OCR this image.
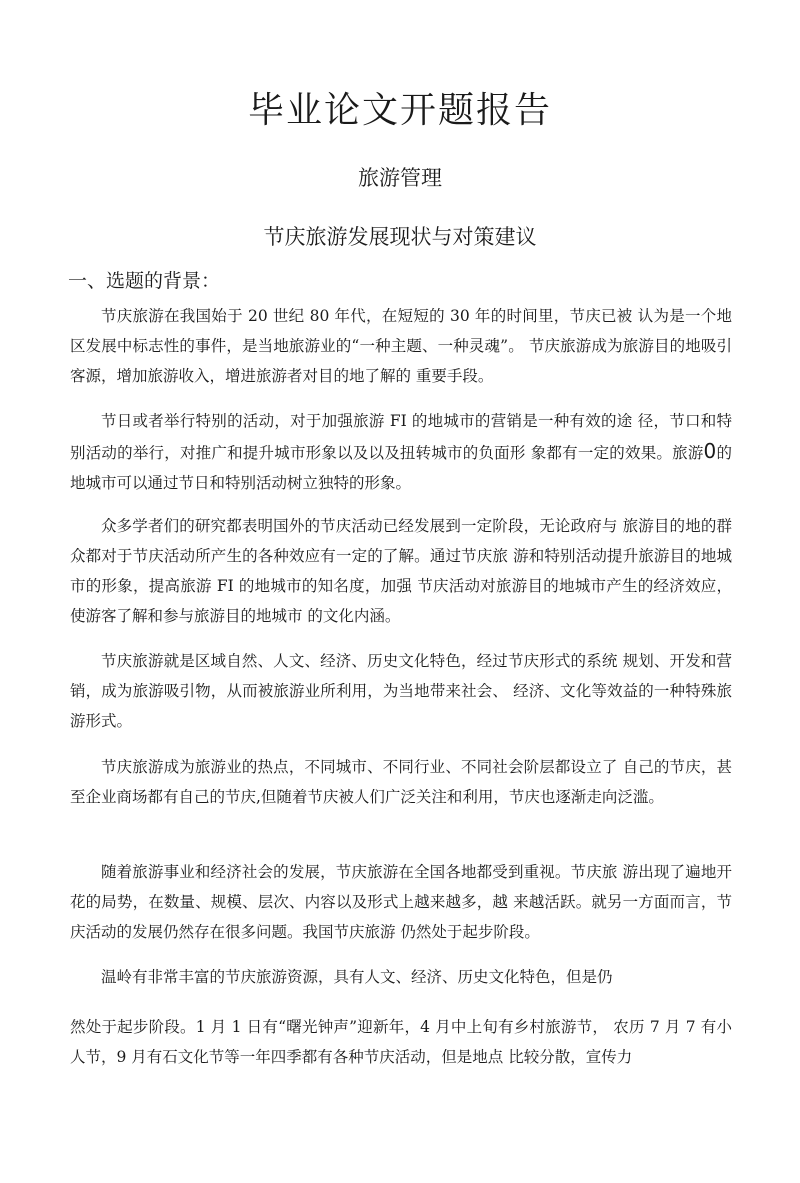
毕业论文开题报告
旅游管理
节庆旅游发展现状与对策建议
一、选题的背景：

节庆旅游在我国始于 20 世纪 80 年代，在短短的 30 年的时间里，节庆已被 认为是一个地区发展中标志性的事件，是当地旅游业的“一种主题、一种灵魂”。 节庆旅游成为旅游目的地吸引客源，增加旅游收入，增进旅游者对目的地了解的 重要手段。

节日或者举行特别的活动，对于加强旅游 FI 的地城市的营销是一种有效的途 径，节口和特别活动的举行，对推广和提升城市形象以及以及扭转城市的负面形 象都有一定的效果。旅游0的地城市可以通过节日和特别活动树立独特的形象。

众多学者们的研究都表明国外的节庆活动已经发展到一定阶段，无论政府与 旅游目的地的群众都对于节庆活动所产生的各种效应有一定的了解。通过节庆旅 游和特别活动提升旅游目的地城市的形象，提高旅游 FI 的地城市的知名度，加强 节庆活动对旅游目的地城市产生的经济效应，使游客了解和参与旅游目的地城市 的文化内涵。

节庆旅游就是区域自然、人文、经济、历史文化特色，经过节庆形式的系统 规划、开发和营销，成为旅游吸引物，从而被旅游业所利用，为当地带来社会、 经济、文化等效益的一种特殊旅游形式。

节庆旅游成为旅游业的热点，不同城市、不同行业、不同社会阶层都设立了 自己的节庆，甚至企业商场都有自己的节庆,但随着节庆被人们广泛关注和利用，节庆也逐渐走向泛滥。

随着旅游事业和经济社会的发展，节庆旅游在全国各地都受到重视。节庆旅 游出现了遍地开花的局势，在数量、规模、层次、内容以及形式上越来越多，越 来越活跃。就另一方面而言，节庆活动的发展仍然存在很多问题。我国节庆旅游 仍然处于起步阶段。

温岭有非常丰富的节庆旅游资源，具有人文、经济、历史文化特色，但是仍

然处于起步阶段。1 月 1 日有“曙光钟声”迎新年，4 月中上旬有乡村旅游节， 农历 7 月 7 有小人节，9 月有石文化节等一年四季都有各种节庆活动，但是地点 比较分散，宣传力
